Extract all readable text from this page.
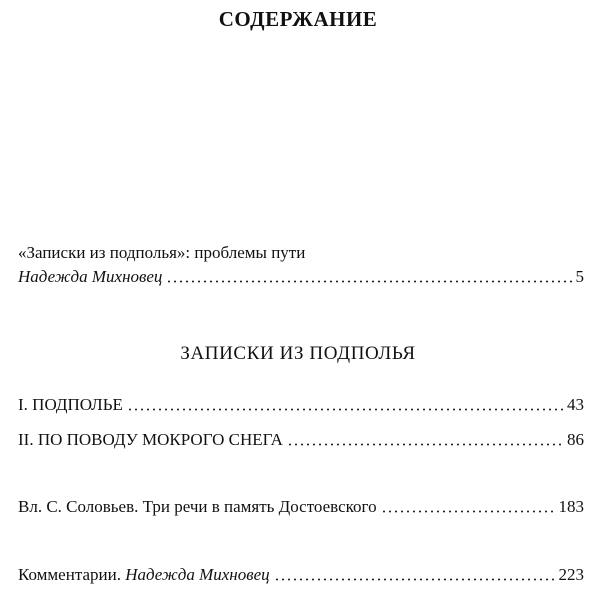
СОДЕРЖАНИЕ
«Записки из подполья»: проблемы пути
Надежда Михновец	5
ЗАПИСКИ ИЗ ПОДПОЛЬЯ
I. ПОДПОЛЬЕ	43
II. ПО ПОВОДУ МОКРОГО СНЕГА	86
Вл. С. Соловьев. Три речи в память Достоевского	183
Комментарии. Надежда Михновец	223
